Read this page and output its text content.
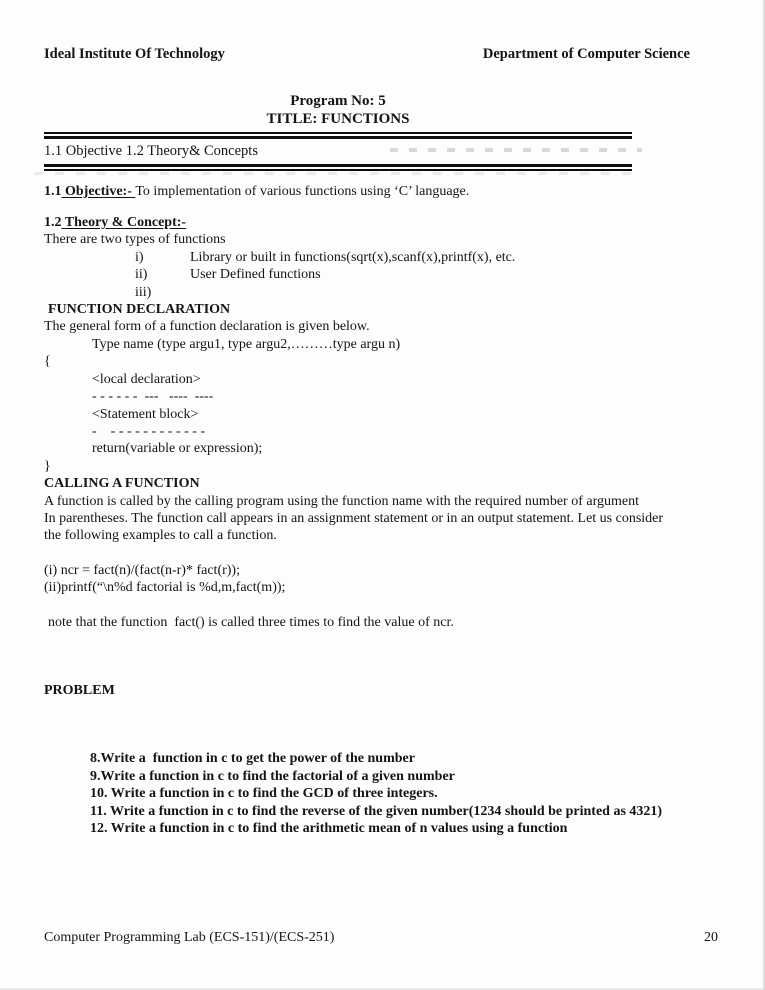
Ideal Institute Of Technology	Department of Computer Science
Program No: 5
TITLE: FUNCTIONS
1.1 Objective 1.2 Theory& Concepts
1.1 Objective:- To implementation of various functions using ‘C’ language.
1.2 Theory & Concept:-
There are two types of functions
i)	Library or built in functions(sqrt(x),scanf(x),printf(x), etc.
ii)	User Defined functions
iii)
FUNCTION DECLARATION
The general form of a function declaration is given below.
Type name (type argu1, type argu2,………type argu n)
{
<local declaration>
- - - - - -  ---   ----  ----
<Statement block>
-    - - - - - - - - - - - -
return(variable or expression);
}
CALLING A FUNCTION
A function is called by the calling program using the function name with the required number of argument
In parentheses. The function call appears in an assignment statement or in an output statement. Let us consider
the following examples to call a function.
(i) ncr = fact(n)/(fact(n-r)* fact(r));
(ii)printf(“\n%d factorial is %d,m,fact(m));
note that the function  fact() is called three times to find the value of ncr.
PROBLEM
8.Write a  function in c to get the power of the number
9.Write a function in c to find the factorial of a given number
10. Write a function in c to find the GCD of three integers.
11. Write a function in c to find the reverse of the given number(1234 should be printed as 4321)
12. Write a function in c to find the arithmetic mean of n values using a function
Computer Programming Lab (ECS-151)/(ECS-251)	20
